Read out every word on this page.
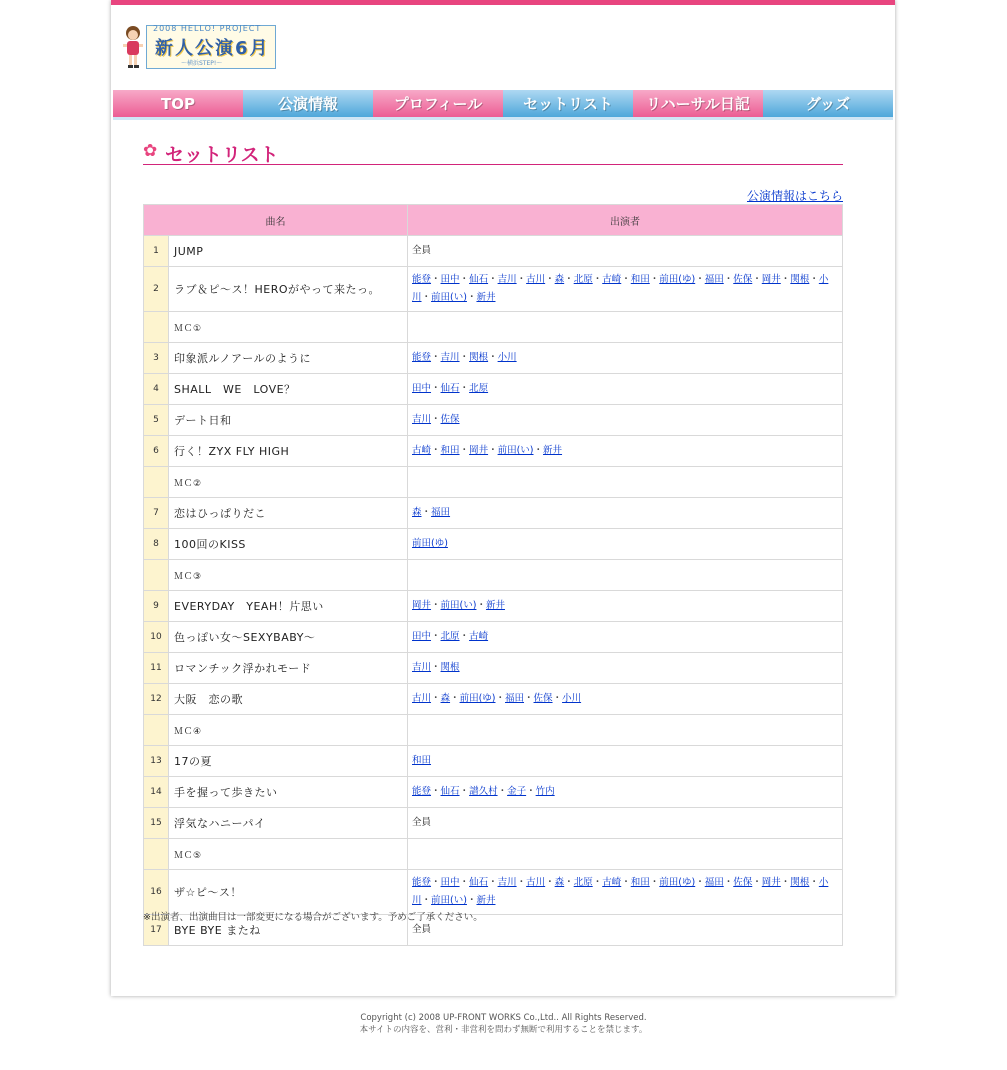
2008 HELLO! PROJECT
新人公演6月
〜横浜STEP!〜
TOP	公演情報	プロフィール	セットリスト	リハーサル日記	グッズ
✿ セットリスト
公演情報はこちら
曲名		出演者
1	JUMP	全員
2	ラブ＆ピ〜ス！HEROがやって来たっ。	能登・田中・仙石・吉川・古川・森・北原・古崎・和田・前田(ゆ)・福田・佐保・岡井・関根・小川・前田(い)・新井
	ＭＣ①	
3	印象派ルノアールのように	能登・吉川・関根・小川
4	SHALL　WE　LOVE？	田中・仙石・北原
5	デート日和	吉川・佐保
6	行く！ZYX FLY HIGH	古崎・和田・岡井・前田(い)・新井
	ＭＣ②	
7	恋はひっぱりだこ	森・福田
8	100回のKISS	前田(ゆ)
	ＭＣ③	
9	EVERYDAY　YEAH！片思い	岡井・前田(い)・新井
10	色っぽい女〜SEXYBABY〜	田中・北原・古崎
11	ロマンチック浮かれモード	吉川・関根
12	大阪　恋の歌	古川・森・前田(ゆ)・福田・佐保・小川
	ＭＣ④	
13	17の夏	和田
14	手を握って歩きたい	能登・仙石・譜久村・金子・竹内
15	浮気なハニーパイ	全員
	ＭＣ⑤	
16	ザ☆ピ〜ス！	能登・田中・仙石・吉川・古川・森・北原・古崎・和田・前田(ゆ)・福田・佐保・岡井・関根・小川・前田(い)・新井
17	BYE BYE またね	全員
※出演者、出演曲目は一部変更になる場合がございます。予めご了承ください。
Copyright (c) 2008 UP-FRONT WORKS Co.,Ltd.. All Rights Reserved.
本サイトの内容を、営利・非営利を問わず無断で利用することを禁じます。
